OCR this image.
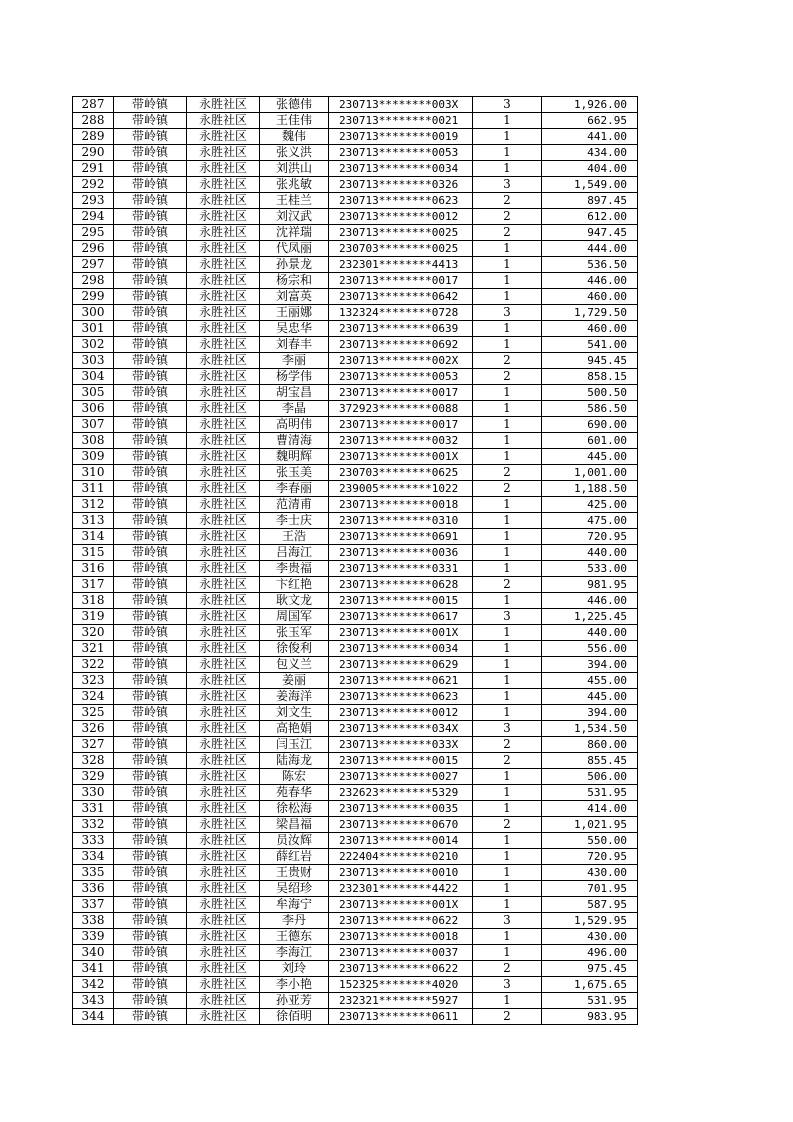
287	带岭镇	永胜社区	张德伟	230713********003X	3	1,926.00
288	带岭镇	永胜社区	王佳伟	230713********0021	1	662.95
289	带岭镇	永胜社区	魏伟	230713********0019	1	441.00
290	带岭镇	永胜社区	张义洪	230713********0053	1	434.00
291	带岭镇	永胜社区	刘洪山	230713********0034	1	404.00
292	带岭镇	永胜社区	张兆敏	230713********0326	3	1,549.00
293	带岭镇	永胜社区	王桂兰	230713********0623	2	897.45
294	带岭镇	永胜社区	刘汉武	230713********0012	2	612.00
295	带岭镇	永胜社区	沈祥瑞	230713********0025	2	947.45
296	带岭镇	永胜社区	代凤丽	230703********0025	1	444.00
297	带岭镇	永胜社区	孙景龙	232301********4413	1	536.50
298	带岭镇	永胜社区	杨宗和	230713********0017	1	446.00
299	带岭镇	永胜社区	刘富英	230713********0642	1	460.00
300	带岭镇	永胜社区	王丽娜	132324********0728	3	1,729.50
301	带岭镇	永胜社区	吴忠华	230713********0639	1	460.00
302	带岭镇	永胜社区	刘春丰	230713********0692	1	541.00
303	带岭镇	永胜社区	李丽	230713********002X	2	945.45
304	带岭镇	永胜社区	杨学伟	230713********0053	2	858.15
305	带岭镇	永胜社区	胡宝昌	230713********0017	1	500.50
306	带岭镇	永胜社区	李晶	372923********0088	1	586.50
307	带岭镇	永胜社区	高明伟	230713********0017	1	690.00
308	带岭镇	永胜社区	曹清海	230713********0032	1	601.00
309	带岭镇	永胜社区	魏明辉	230713********001X	1	445.00
310	带岭镇	永胜社区	张玉美	230703********0625	2	1,001.00
311	带岭镇	永胜社区	李春丽	239005********1022	2	1,188.50
312	带岭镇	永胜社区	范清甫	230713********0018	1	425.00
313	带岭镇	永胜社区	李士庆	230713********0310	1	475.00
314	带岭镇	永胜社区	王浩	230713********0691	1	720.95
315	带岭镇	永胜社区	吕海江	230713********0036	1	440.00
316	带岭镇	永胜社区	李贵福	230713********0331	1	533.00
317	带岭镇	永胜社区	卞红艳	230713********0628	2	981.95
318	带岭镇	永胜社区	耿文龙	230713********0015	1	446.00
319	带岭镇	永胜社区	周国军	230713********0617	3	1,225.45
320	带岭镇	永胜社区	张玉军	230713********001X	1	440.00
321	带岭镇	永胜社区	徐俊利	230713********0034	1	556.00
322	带岭镇	永胜社区	包义兰	230713********0629	1	394.00
323	带岭镇	永胜社区	姜丽	230713********0621	1	455.00
324	带岭镇	永胜社区	姜海洋	230713********0623	1	445.00
325	带岭镇	永胜社区	刘文生	230713********0012	1	394.00
326	带岭镇	永胜社区	高艳娟	230713********034X	3	1,534.50
327	带岭镇	永胜社区	闫玉江	230713********033X	2	860.00
328	带岭镇	永胜社区	陆海龙	230713********0015	2	855.45
329	带岭镇	永胜社区	陈宏	230713********0027	1	506.00
330	带岭镇	永胜社区	苑春华	232623********5329	1	531.95
331	带岭镇	永胜社区	徐松海	230713********0035	1	414.00
332	带岭镇	永胜社区	梁昌福	230713********0670	2	1,021.95
333	带岭镇	永胜社区	员汝辉	230713********0014	1	550.00
334	带岭镇	永胜社区	薛红岩	222404********0210	1	720.95
335	带岭镇	永胜社区	王贵财	230713********0010	1	430.00
336	带岭镇	永胜社区	吴绍珍	232301********4422	1	701.95
337	带岭镇	永胜社区	牟海宁	230713********001X	1	587.95
338	带岭镇	永胜社区	李丹	230713********0622	3	1,529.95
339	带岭镇	永胜社区	王德东	230713********0018	1	430.00
340	带岭镇	永胜社区	李海江	230713********0037	1	496.00
341	带岭镇	永胜社区	刘玲	230713********0622	2	975.45
342	带岭镇	永胜社区	李小艳	152325********4020	3	1,675.65
343	带岭镇	永胜社区	孙亚芳	232321********5927	1	531.95
344	带岭镇	永胜社区	徐佰明	230713********0611	2	983.95
